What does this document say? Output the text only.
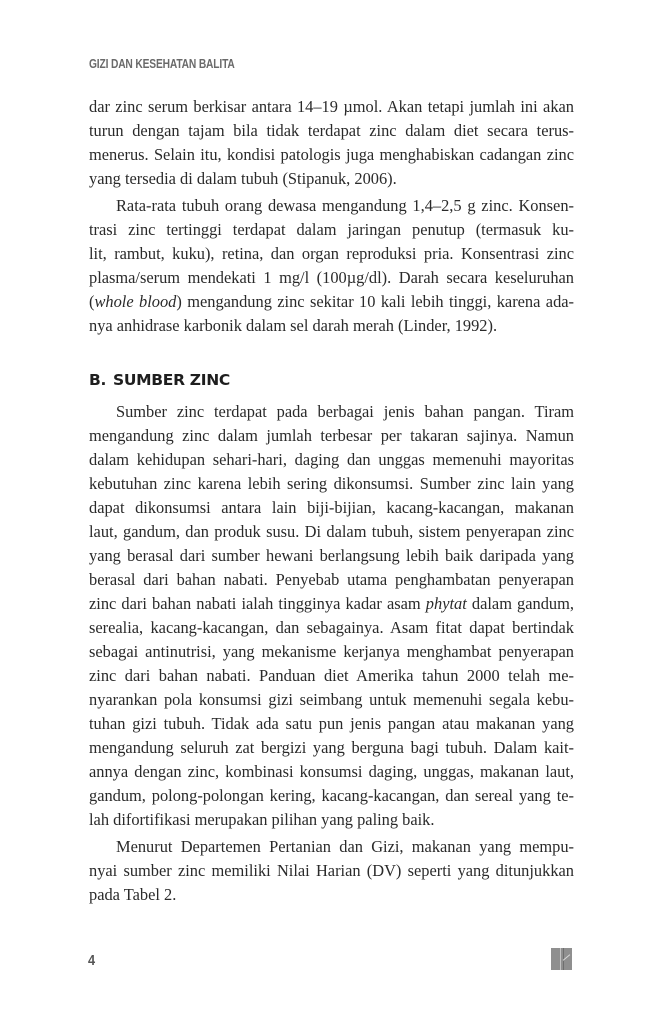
GIZI DAN KESEHATAN BALITA
dar zinc serum berkisar antara 14–19 µmol. Akan tetapi jumlah ini akan
turun dengan tajam bila tidak terdapat zinc dalam diet secara terus-
menerus. Selain itu, kondisi patologis juga menghabiskan cadangan zinc
yang tersedia di dalam tubuh (Stipanuk, 2006).
Rata-rata tubuh orang dewasa mengandung 1,4–2,5 g zinc. Konsen-
trasi zinc tertinggi terdapat dalam jaringan penutup (termasuk ku-
lit, rambut, kuku), retina, dan organ reproduksi pria. Konsentrasi zinc
plasma/serum mendekati 1 mg/l (100µg/dl). Darah secara keseluruhan
(whole blood) mengandung zinc sekitar 10 kali lebih tinggi, karena ada-
nya anhidrase karbonik dalam sel darah merah (Linder, 1992).
B. SUMBER ZINC
Sumber zinc terdapat pada berbagai jenis bahan pangan. Tiram
mengandung zinc dalam jumlah terbesar per takaran sajinya. Namun
dalam kehidupan sehari-hari, daging dan unggas memenuhi mayoritas
kebutuhan zinc karena lebih sering dikonsumsi. Sumber zinc lain yang
dapat dikonsumsi antara lain biji-bijian, kacang-kacangan, makanan
laut, gandum, dan produk susu. Di dalam tubuh, sistem penyerapan zinc
yang berasal dari sumber hewani berlangsung lebih baik daripada yang
berasal dari bahan nabati. Penyebab utama penghambatan penyerapan
zinc dari bahan nabati ialah tingginya kadar asam phytat dalam gandum,
serealia, kacang-kacangan, dan sebagainya. Asam fitat dapat bertindak
sebagai antinutrisi, yang mekanisme kerjanya menghambat penyerapan
zinc dari bahan nabati. Panduan diet Amerika tahun 2000 telah me-
nyarankan pola konsumsi gizi seimbang untuk memenuhi segala kebu-
tuhan gizi tubuh. Tidak ada satu pun jenis pangan atau makanan yang
mengandung seluruh zat bergizi yang berguna bagi tubuh. Dalam kait-
annya dengan zinc, kombinasi konsumsi daging, unggas, makanan laut,
gandum, polong-polongan kering, kacang-kacangan, dan sereal yang te-
lah difortifikasi merupakan pilihan yang paling baik.
Menurut Departemen Pertanian dan Gizi, makanan yang mempu-
nyai sumber zinc memiliki Nilai Harian (DV) seperti yang ditunjukkan
pada Tabel 2.
4
